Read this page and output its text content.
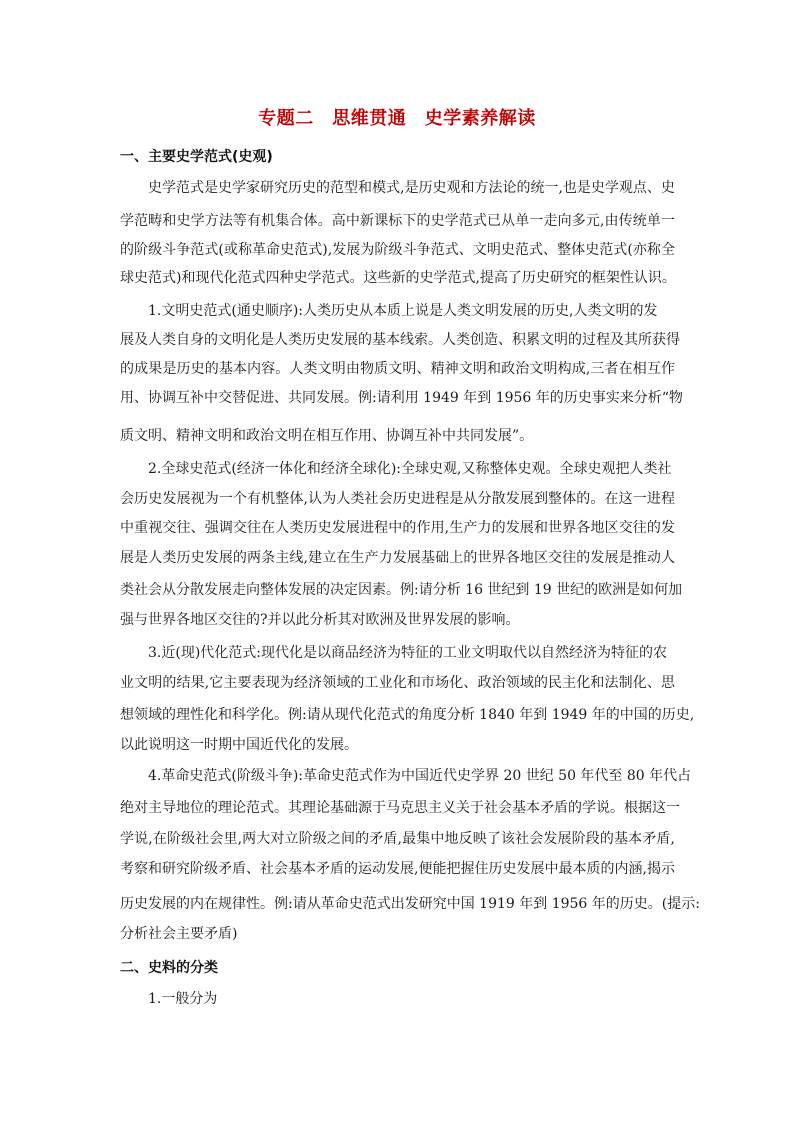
专题二　思维贯通　史学素养解读
一、主要史学范式(史观)
史学范式是史学家研究历史的范型和模式,是历史观和方法论的统一,也是史学观点、史
学范畴和史学方法等有机集合体。高中新课标下的史学范式已从单一走向多元,由传统单一
的阶级斗争范式(或称革命史范式),发展为阶级斗争范式、文明史范式、整体史范式(亦称全
球史范式)和现代化范式四种史学范式。这些新的史学范式,提高了历史研究的框架性认识。
1.文明史范式(通史顺序):人类历史从本质上说是人类文明发展的历史,人类文明的发
展及人类自身的文明化是人类历史发展的基本线索。人类创造、积累文明的过程及其所获得
的成果是历史的基本内容。人类文明由物质文明、精神文明和政治文明构成,三者在相互作
用、协调互补中交替促进、共同发展。例:请利用 1949 年到 1956 年的历史事实来分析“物
质文明、精神文明和政治文明在相互作用、协调互补中共同发展”。
2.全球史范式(经济一体化和经济全球化):全球史观,又称整体史观。全球史观把人类社
会历史发展视为一个有机整体,认为人类社会历史进程是从分散发展到整体的。在这一进程
中重视交往、强调交往在人类历史发展进程中的作用,生产力的发展和世界各地区交往的发
展是人类历史发展的两条主线,建立在生产力发展基础上的世界各地区交往的发展是推动人
类社会从分散发展走向整体发展的决定因素。例:请分析 16 世纪到 19 世纪的欧洲是如何加
强与世界各地区交往的?并以此分析其对欧洲及世界发展的影响。
3.近(现)代化范式:现代化是以商品经济为特征的工业文明取代以自然经济为特征的农
业文明的结果,它主要表现为经济领域的工业化和市场化、政治领域的民主化和法制化、思
想领域的理性化和科学化。例:请从现代化范式的角度分析 1840 年到 1949 年的中国的历史,
以此说明这一时期中国近代化的发展。
4.革命史范式(阶级斗争):革命史范式作为中国近代史学界 20 世纪 50 年代至 80 年代占
绝对主导地位的理论范式。其理论基础源于马克思主义关于社会基本矛盾的学说。根据这一
学说,在阶级社会里,两大对立阶级之间的矛盾,最集中地反映了该社会发展阶段的基本矛盾,
考察和研究阶级矛盾、社会基本矛盾的运动发展,便能把握住历史发展中最本质的内涵,揭示
历史发展的内在规律性。例:请从革命史范式出发研究中国 1919 年到 1956 年的历史。(提示:
分析社会主要矛盾)
二、史料的分类
1.一般分为
